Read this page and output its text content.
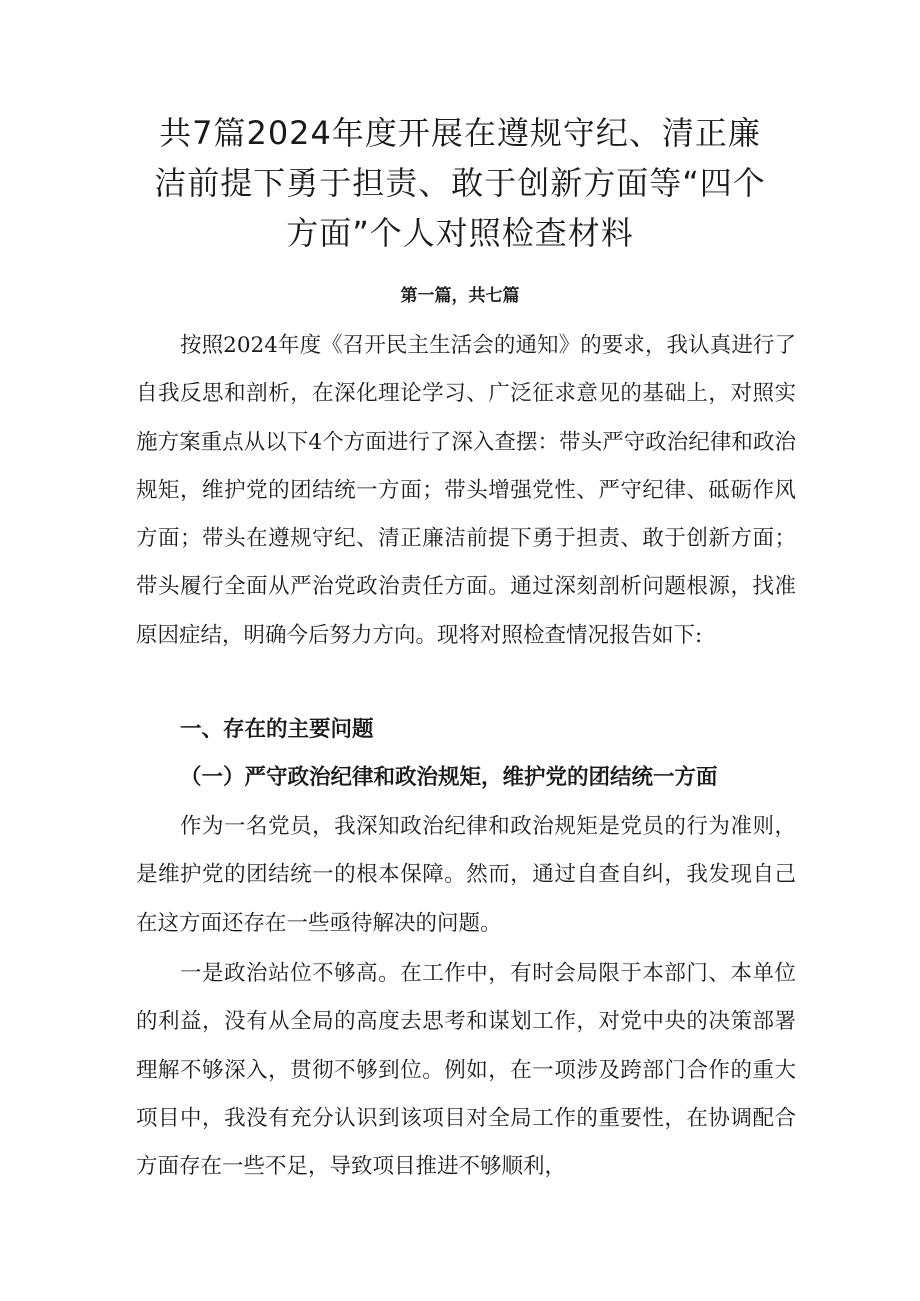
共7篇2024年度开展在遵规守纪、清正廉
洁前提下勇于担责、敢于创新方面等“四个
方面”个人对照检查材料
第一篇，共七篇

按照2024年度《召开民主生活会的通知》的要求，我认真进行了自我反思和剖析，在深化理论学习、广泛征求意见的基础上，对照实施方案重点从以下4个方面进行了深入查摆：带头严守政治纪律和政治规矩，维护党的团结统一方面；带头增强党性、严守纪律、砥砺作风方面；带头在遵规守纪、清正廉洁前提下勇于担责、敢于创新方面；带头履行全面从严治党政治责任方面。通过深刻剖析问题根源，找准原因症结，明确今后努力方向。现将对照检查情况报告如下:

一、存在的主要问题
（一）严守政治纪律和政治规矩，维护党的团结统一方面

作为一名党员，我深知政治纪律和政治规矩是党员的行为准则，是维护党的团结统一的根本保障。然而，通过自查自纠，我发现自己在这方面还存在一些亟待解决的问题。

一是政治站位不够高。在工作中，有时会局限于本部门、本单位的利益，没有从全局的高度去思考和谋划工作，对党中央的决策部署理解不够深入，贯彻不够到位。例如，在一项涉及跨部门合作的重大项目中，我没有充分认识到该项目对全局工作的重要性，在协调配合方面存在一些不足，导致项目推进不够顺利，
